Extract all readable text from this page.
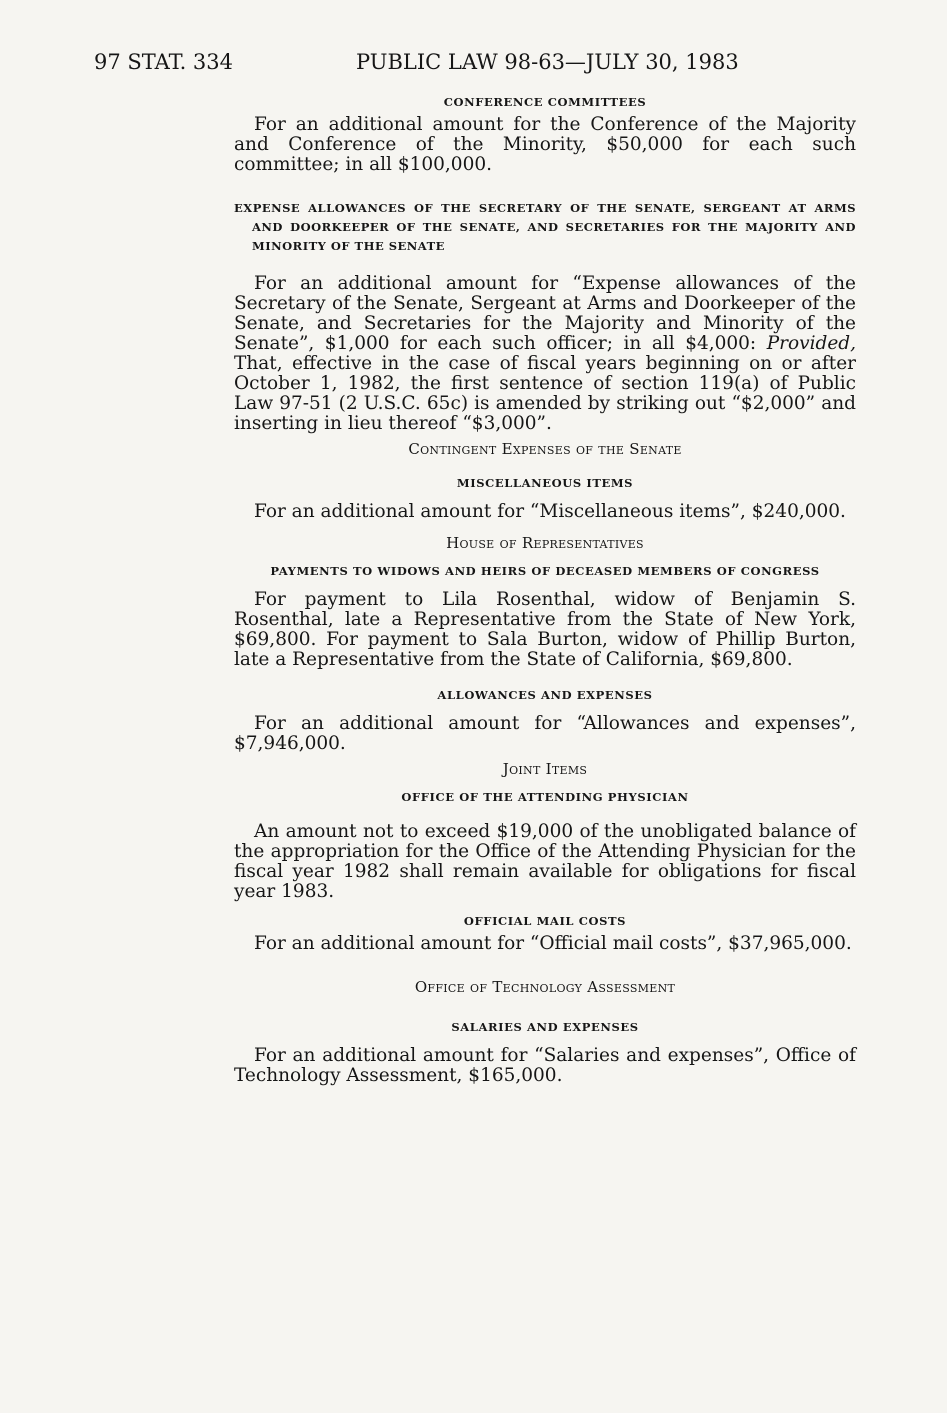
97 STAT. 334	PUBLIC LAW 98-63—JULY 30, 1983

CONFERENCE COMMITTEES

For an additional amount for the Conference of the Majority and Conference of the Minority, $50,000 for each such committee; in all $100,000.

EXPENSE ALLOWANCES OF THE SECRETARY OF THE SENATE, SERGEANT AT ARMS AND DOORKEEPER OF THE SENATE, AND SECRETARIES FOR THE MAJORITY AND MINORITY OF THE SENATE

For an additional amount for “Expense allowances of the Secretary of the Senate, Sergeant at Arms and Doorkeeper of the Senate, and Secretaries for the Majority and Minority of the Senate”, $1,000 for each such officer; in all $4,000: Provided, That, effective in the case of fiscal years beginning on or after October 1, 1982, the first sentence of section 119(a) of Public Law 97-51 (2 U.S.C. 65c) is amended by striking out “$2,000” and inserting in lieu thereof “$3,000”.

Contingent Expenses of the Senate

MISCELLANEOUS ITEMS

For an additional amount for “Miscellaneous items”, $240,000.

House of Representatives

PAYMENTS TO WIDOWS AND HEIRS OF DECEASED MEMBERS OF CONGRESS

For payment to Lila Rosenthal, widow of Benjamin S. Rosenthal, late a Representative from the State of New York, $69,800. For payment to Sala Burton, widow of Phillip Burton, late a Representative from the State of California, $69,800.

ALLOWANCES AND EXPENSES

For an additional amount for “Allowances and expenses”, $7,946,000.

Joint Items

OFFICE OF THE ATTENDING PHYSICIAN

An amount not to exceed $19,000 of the unobligated balance of the appropriation for the Office of the Attending Physician for the fiscal year 1982 shall remain available for obligations for fiscal year 1983.

OFFICIAL MAIL COSTS

For an additional amount for “Official mail costs”, $37,965,000.

Office of Technology Assessment

SALARIES AND EXPENSES

For an additional amount for “Salaries and expenses”, Office of Technology Assessment, $165,000.
